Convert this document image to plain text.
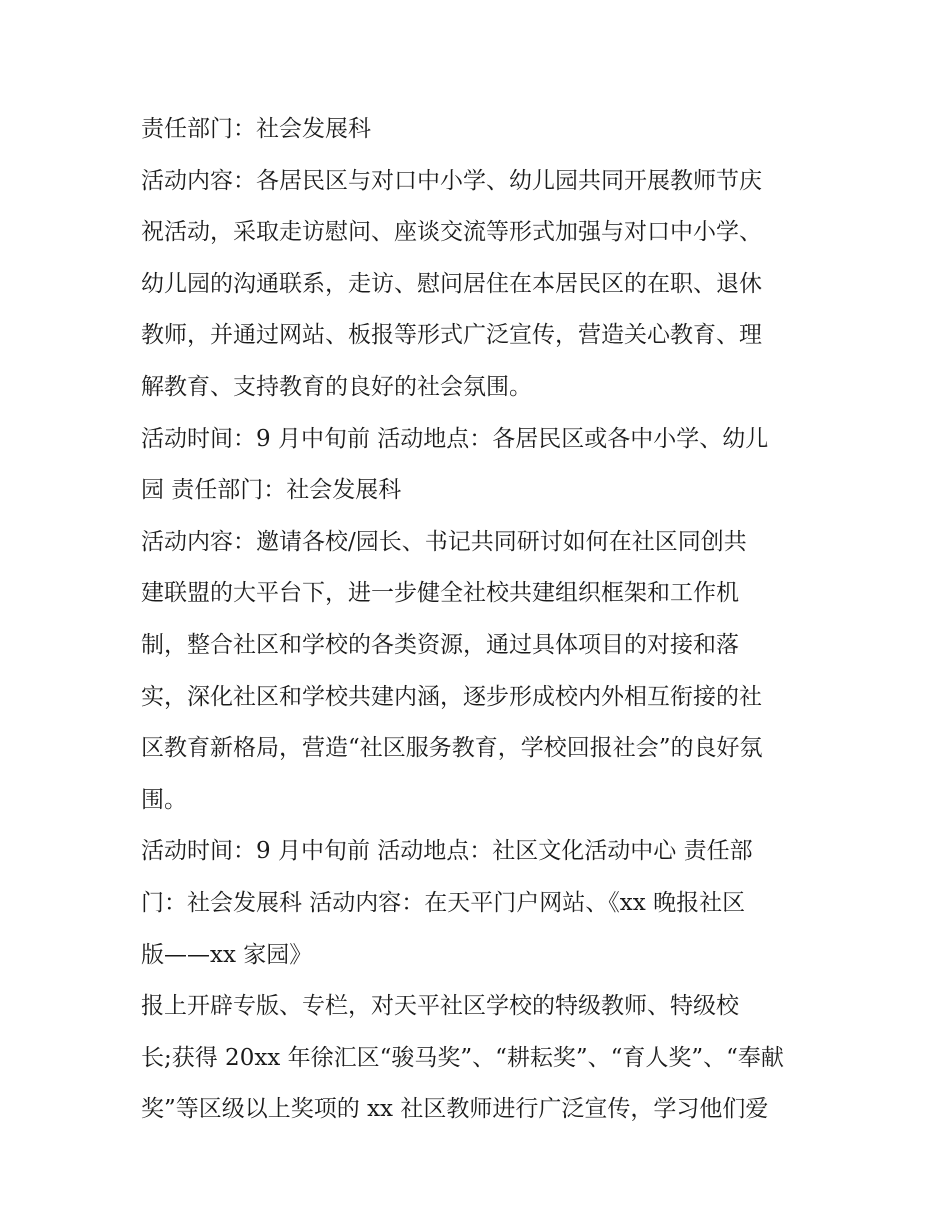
责任部门：社会发展科
活动内容：各居民区与对口中小学、幼儿园共同开展教师节庆
祝活动，采取走访慰问、座谈交流等形式加强与对口中小学、
幼儿园的沟通联系，走访、慰问居住在本居民区的在职、退休
教师，并通过网站、板报等形式广泛宣传，营造关心教育、理
解教育、支持教育的良好的社会氛围。
活动时间：9 月中旬前 活动地点：各居民区或各中小学、幼儿
园 责任部门：社会发展科
活动内容：邀请各校/园长、书记共同研讨如何在社区同创共
建联盟的大平台下，进一步健全社校共建组织框架和工作机
制，整合社区和学校的各类资源，通过具体项目的对接和落
实，深化社区和学校共建内涵，逐步形成校内外相互衔接的社
区教育新格局，营造“社区服务教育，学校回报社会”的良好氛
围。
活动时间：9 月中旬前 活动地点：社区文化活动中心 责任部
门：社会发展科 活动内容：在天平门户网站、《xx 晚报社区
版——xx 家园》
报上开辟专版、专栏，对天平社区学校的特级教师、特级校
长;获得 20xx 年徐汇区“骏马奖”、“耕耘奖”、“育人奖”、“奉献
奖”等区级以上奖项的 xx 社区教师进行广泛宣传，学习他们爱
